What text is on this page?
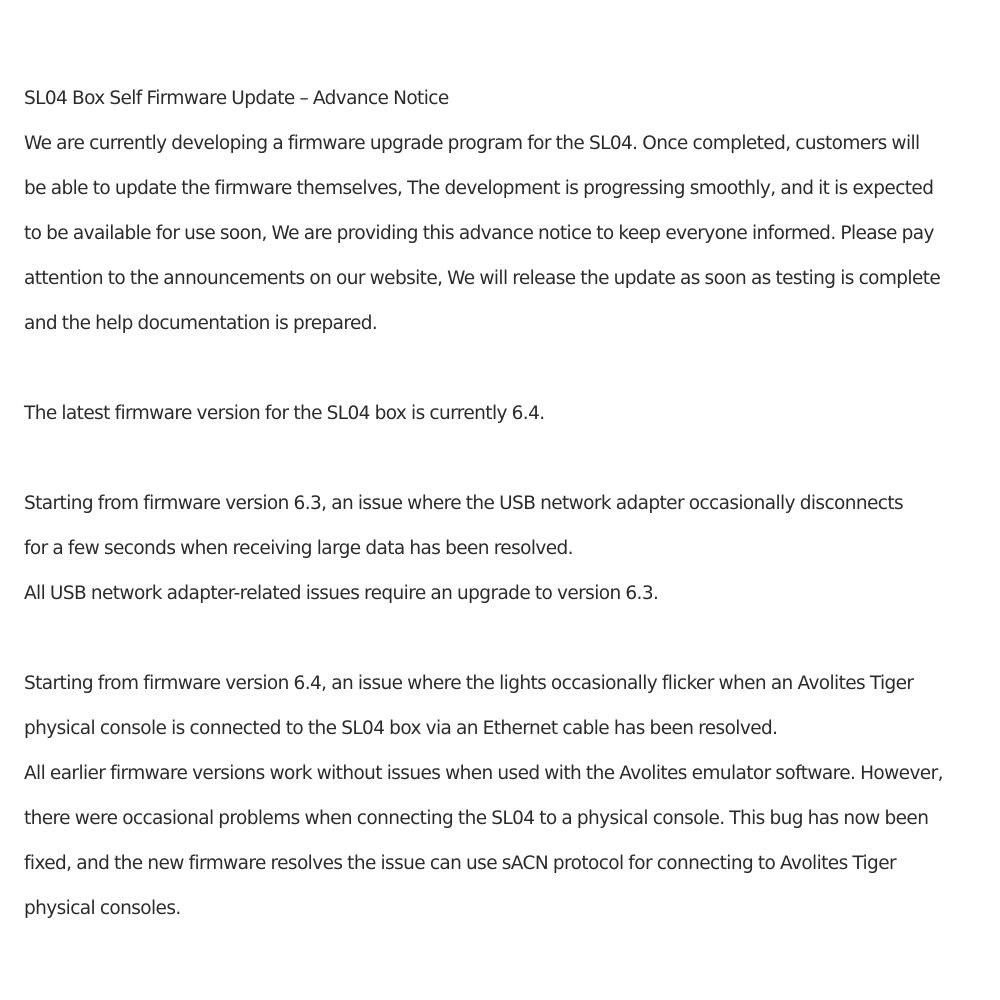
SL04 Box Self Firmware Update – Advance Notice
We are currently developing a firmware upgrade program for the SL04. Once completed, customers will
be able to update the firmware themselves, The development is progressing smoothly, and it is expected
to be available for use soon, We are providing this advance notice to keep everyone informed. Please pay
attention to the announcements on our website, We will release the update as soon as testing is complete
and the help documentation is prepared.
The latest firmware version for the SL04 box is currently 6.4.
Starting from firmware version 6.3, an issue where the USB network adapter occasionally disconnects
for a few seconds when receiving large data has been resolved.
All USB network adapter-related issues require an upgrade to version 6.3.
Starting from firmware version 6.4, an issue where the lights occasionally flicker when an Avolites Tiger
physical console is connected to the SL04 box via an Ethernet cable has been resolved.
All earlier firmware versions work without issues when used with the Avolites emulator software. However,
there were occasional problems when connecting the SL04 to a physical console. This bug has now been
fixed, and the new firmware resolves the issue can use sACN protocol for connecting to Avolites Tiger
physical consoles.
